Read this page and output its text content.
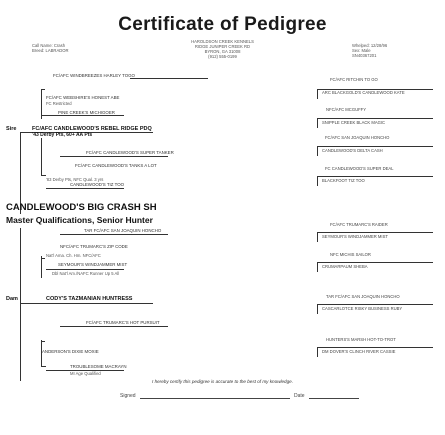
Certificate of Pedigree
Call Name: Crash
Breed: LABRADOR
HAROLDSON CREEK KENNELS
RIDGE JUNIPER CREEK RD
BYRON, GA 31008
(912) 555-0199
Whelped: 12/28/96
Sex: Male
SN40367201
FC/AFC WINDBREEZES HARLEY TOGO
FC/AFC WEBSHIRE'S HONEST ABE
FC Restricted
PINE CREEK'S MICHIGOER
Sire	FC/AFC CANDLEWOOD'S REBEL RIDGE PDQ
'43 Derby Pts, 60+ AA Pts
FC/AFC CANDLEWOOD'S SUPER TANKER
FC/AFC CANDLEWOOD'S TANKS A LOT
'83 Derby Pts, NFC Qual. 3 yrs
CANDLEWOOD'S TIZ TOO
CANDLEWOOD'S BIG CRASH SH
Master Qualifications, Senior Hunter
TAR FC/AFC SAN JOAQUIN HONCHO
NFC/AFC TRUMARC'S ZIP CODE
Nat'l Ama. Ch. Hm. NFC/AFC
SEYMOUR'S WINDJAMMER MIST
Dbl Nat'l Am./NAFC Runner Up 5 All
Dam	CODY'S TAZMANIAN HUNTRESS
FC/AFC TRUMARC'S HOT PURSUIT
ANDERSON'S DIXIE MOXIE
TROUBLESOME MACRAYN
MI Age Qualified
FC/AFC RITCHIN TO GO
ARC BLACKGOLD'S CANDLEWOOD KATE
NFC/AFC MCGUFFY
SNIPPLE CREEK BLACK MAGIC
FC/AFC SAN JOAQUIN HONCHO
CANDLEWOOD'S DELTA CASH
FC CANDLEWOOD'S SUPER DEAL
BLACKFOOT TIZ TOO
FC/AFC TRUMARC'S RAIDER
SEYMOUR'S WINDJAMMER MIST
NFC MICHIS SAILOR
CRUMARPAUM SHEBA
TAR FC/AFC SAN JOAQUIN HONCHO
CASCARLOTCE RISKY BUSINESS RUBY
HUNTERS'S MARSH HOT-TO-TROT
DM DOVER'S CLINCH RIVER CASSIE
I hereby certify this pedigree is accurate to the best of my knowledge.
Signed	Date
